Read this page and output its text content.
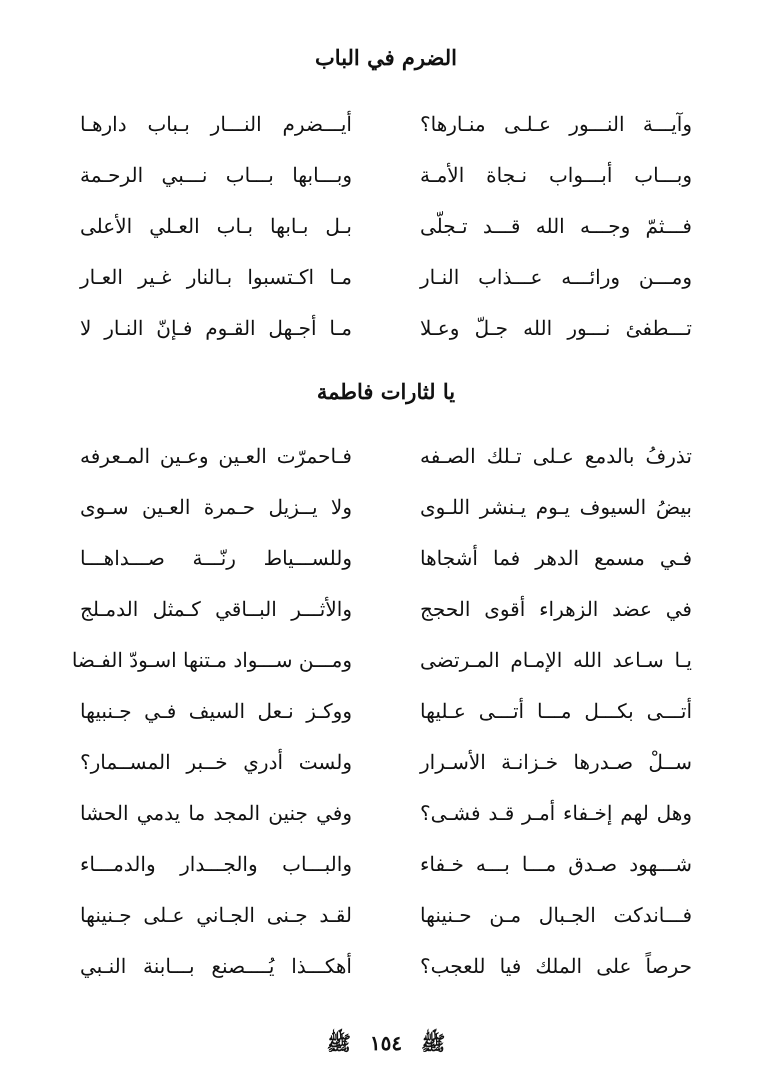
الضرم في الباب
أيـــضرم النـــار بـباب دارهـا	وآيـــة النـــور عـلـى منـارها؟
وبـــابها بـــاب نـــبي الرحـمة	وبـــاب أبـــواب نـجاة الأمـة
بـل بـابها بـاب العـلي الأعلى	فـــثمّ وجـــه الله قـــد تـجلّى
مـا اكـتسبوا بـالنار غـير العـار	ومـــن ورائـــه عـــذاب النـار
مـا أجـهل القـوم فـإنّ النـار لا	تـــطفئ نـــور الله جـلّ وعـلا
يا لثارات فاطمة
فـاحمرّت العـين وعـين المـعرفه	تذرفُ بالدمع عـلى تـلك الصـفه
ولا يــزيل حـمرة العـين سـوى	بيضُ السيوف يـوم يـنشر اللـوى
وللســـياط رنّـــة صـــداهـــا	فـي مسمع الدهر فما أشجاها
والأثـــر البــاقي كـمثل الدمـلج	في عضد الزهراء أقوى الحجج
ومـــن ســـواد مـتنها اسـودّ الفـضا	يـا سـاعد الله الإمـام المـرتضى
ووكـز نـعل السيف فـي جـنبيها	أتـــى بكـــل مـــا أتـــى عـليها
ولست أدري خــبر المســمار؟	ســلْ صـدرها خـزانـة الأسـرار
وفي جنين المجد ما يدمي الحشا	وهل لهم إخـفاء أمـر قـد فشـى؟
والبـــاب والجـــدار والدمـــاء	شـــهود صـدق مـــا بـــه خـفاء
لقـد جـنى الجـاني عـلى جـنينها	فـــاندكت الجـبال مـن حـنينها
أهكـــذا يُــــصنع بـــابنة النـبي	حرصاً على الملك فيا للعجب؟
ﷺ ١٥٤ ﷺ
